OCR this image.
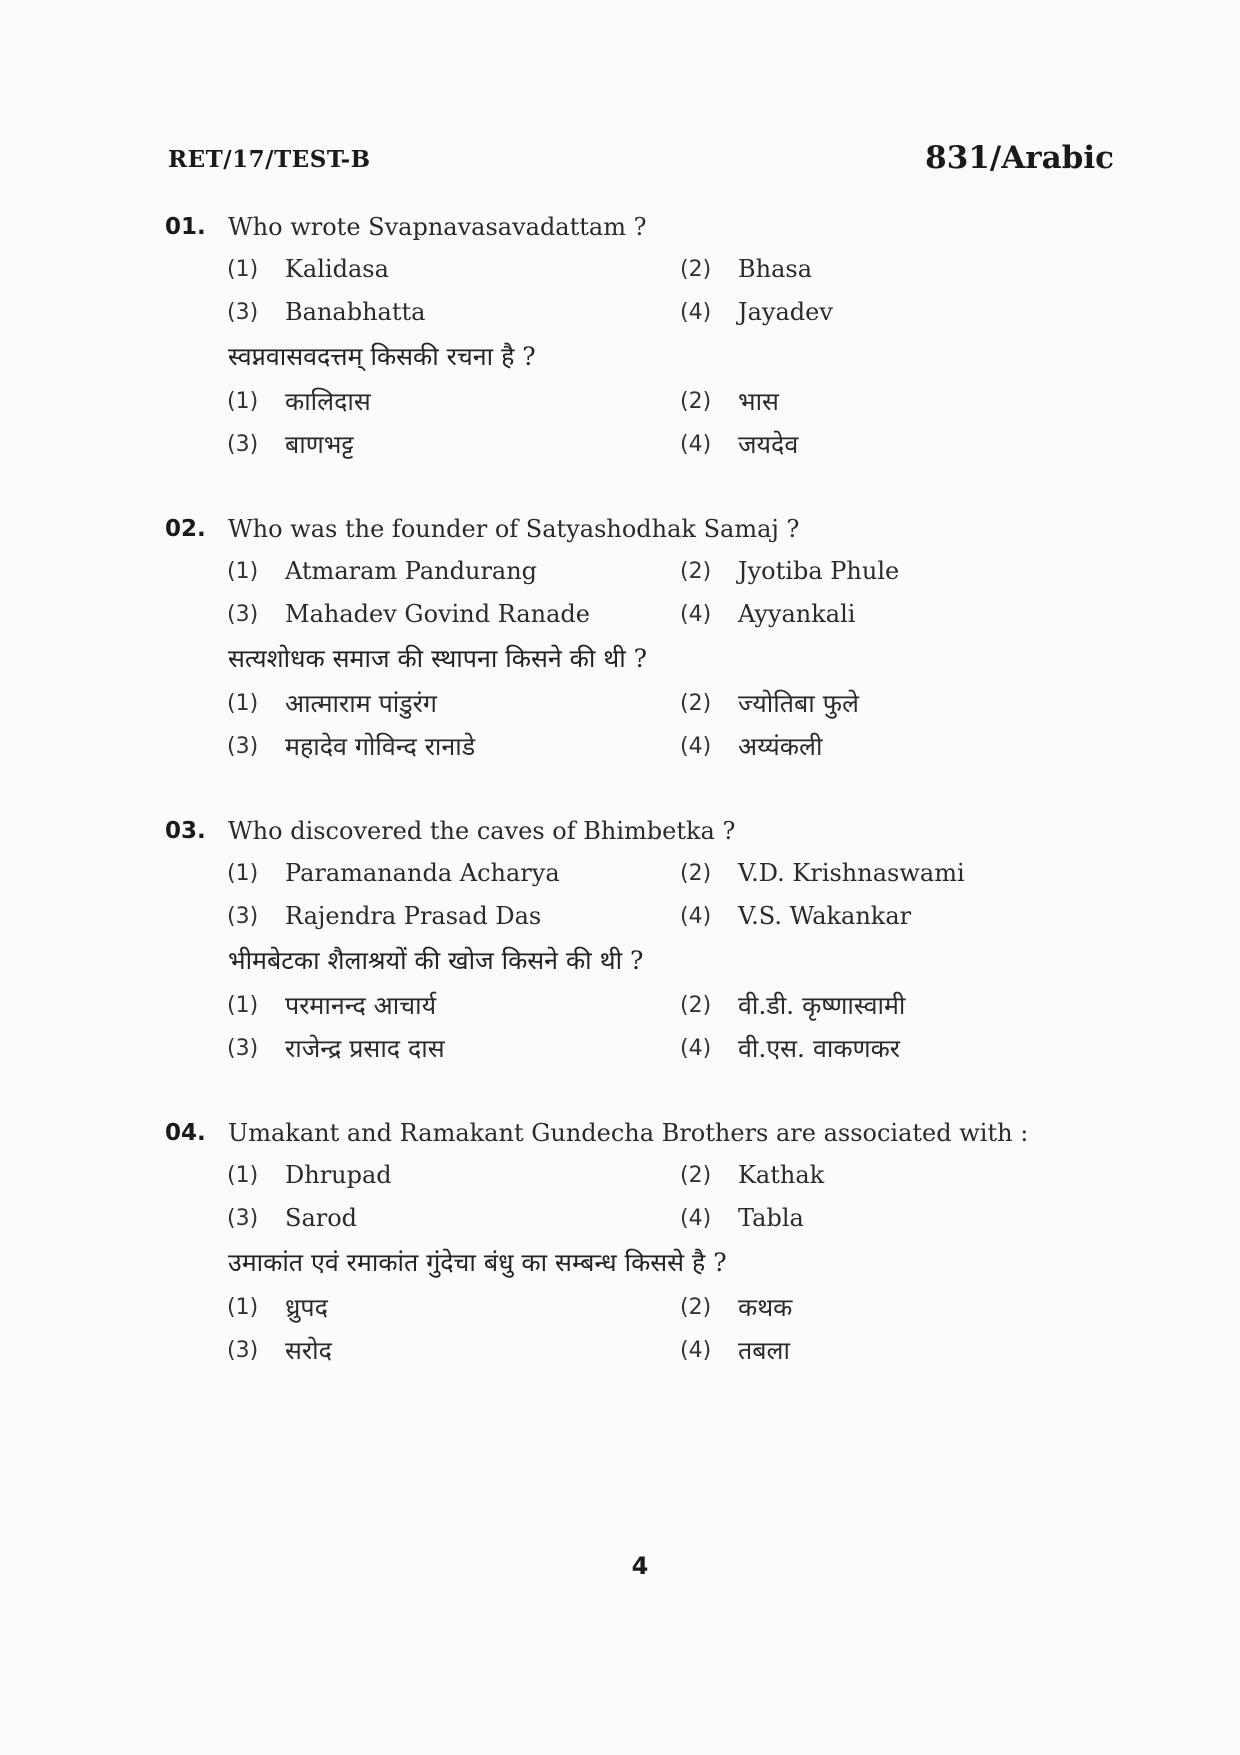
RET/17/TEST-B	831/Arabic
01. Who wrote Svapnavasavadattam ?
(1) Kalidasa	(2) Bhasa
(3) Banabhatta	(4) Jayadev
स्वप्नवासवदत्तम् किसकी रचना है ?
(1) कालिदास	(2) भास
(3) बाणभट्ट	(4) जयदेव
02. Who was the founder of Satyashodhak Samaj ?
(1) Atmaram Pandurang	(2) Jyotiba Phule
(3) Mahadev Govind Ranade	(4) Ayyankali
सत्यशोधक समाज की स्थापना किसने की थी ?
(1) आत्माराम पांडुरंग	(2) ज्योतिबा फुले
(3) महादेव गोविन्द रानाडे	(4) अय्यंकली
03. Who discovered the caves of Bhimbetka ?
(1) Paramananda Acharya	(2) V.D. Krishnaswami
(3) Rajendra Prasad Das	(4) V.S. Wakankar
भीमबेटका शैलाश्रयों की खोज किसने की थी ?
(1) परमानन्द आचार्य	(2) वी.डी. कृष्णास्वामी
(3) राजेन्द्र प्रसाद दास	(4) वी.एस. वाकणकर
04. Umakant and Ramakant Gundecha Brothers are associated with :
(1) Dhrupad	(2) Kathak
(3) Sarod	(4) Tabla
उमाकांत एवं रमाकांत गुंदेचा बंधु का सम्बन्ध किससे है ?
(1) ध्रुपद	(2) कथक
(3) सरोद	(4) तबला
4
